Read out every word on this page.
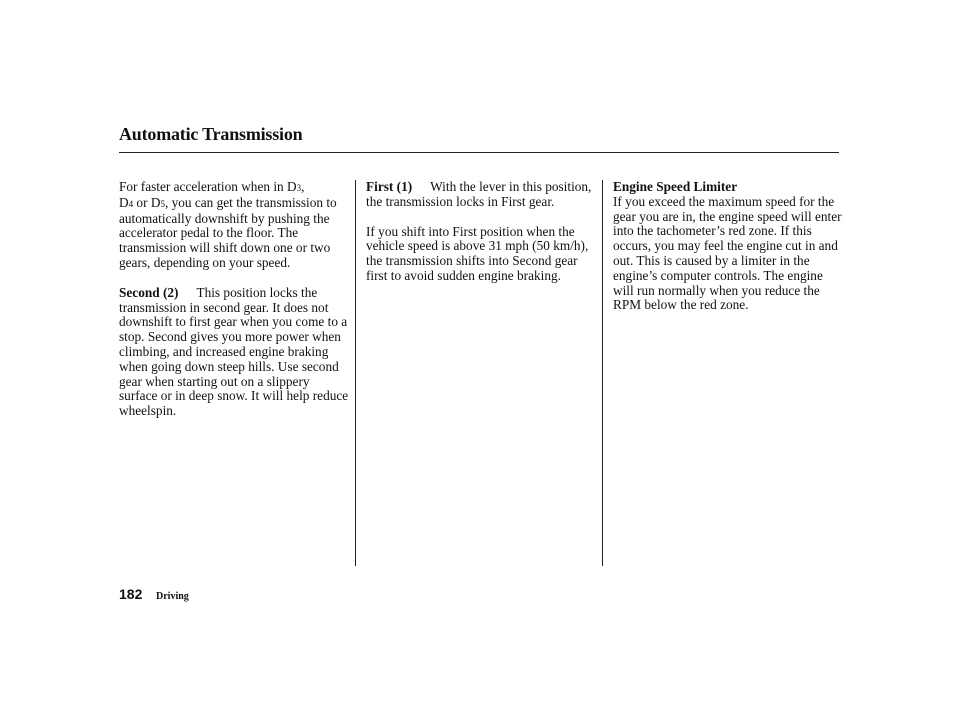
Automatic Transmission

For faster acceleration when in D3,
D4 or D5, you can get the transmission to automatically downshift by pushing the accelerator pedal to the floor. The transmission will shift down one or two gears, depending on your speed.

Second (2) This position locks the transmission in second gear. It does not downshift to first gear when you come to a stop. Second gives you more power when climbing, and increased engine braking when going down steep hills. Use second gear when starting out on a slippery surface or in deep snow. It will help reduce wheelspin.

First (1) With the lever in this position, the transmission locks in First gear.

If you shift into First position when the vehicle speed is above 31 mph (50 km/h), the transmission shifts into Second gear first to avoid sudden engine braking.

Engine Speed Limiter

If you exceed the maximum speed for the gear you are in, the engine speed will enter into the tachometer’s red zone. If this occurs, you may feel the engine cut in and out. This is caused by a limiter in the engine’s computer controls. The engine will run normally when you reduce the RPM below the red zone.

182 Driving
